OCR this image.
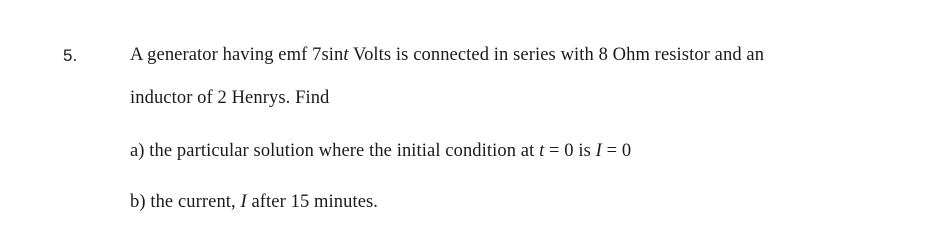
5.	A generator having emf 7sint Volts is connected in series with 8 Ohm resistor and an
inductor of 2 Henrys. Find
a) the particular solution where the initial condition at t = 0 is I = 0
b) the current, I after 15 minutes.
